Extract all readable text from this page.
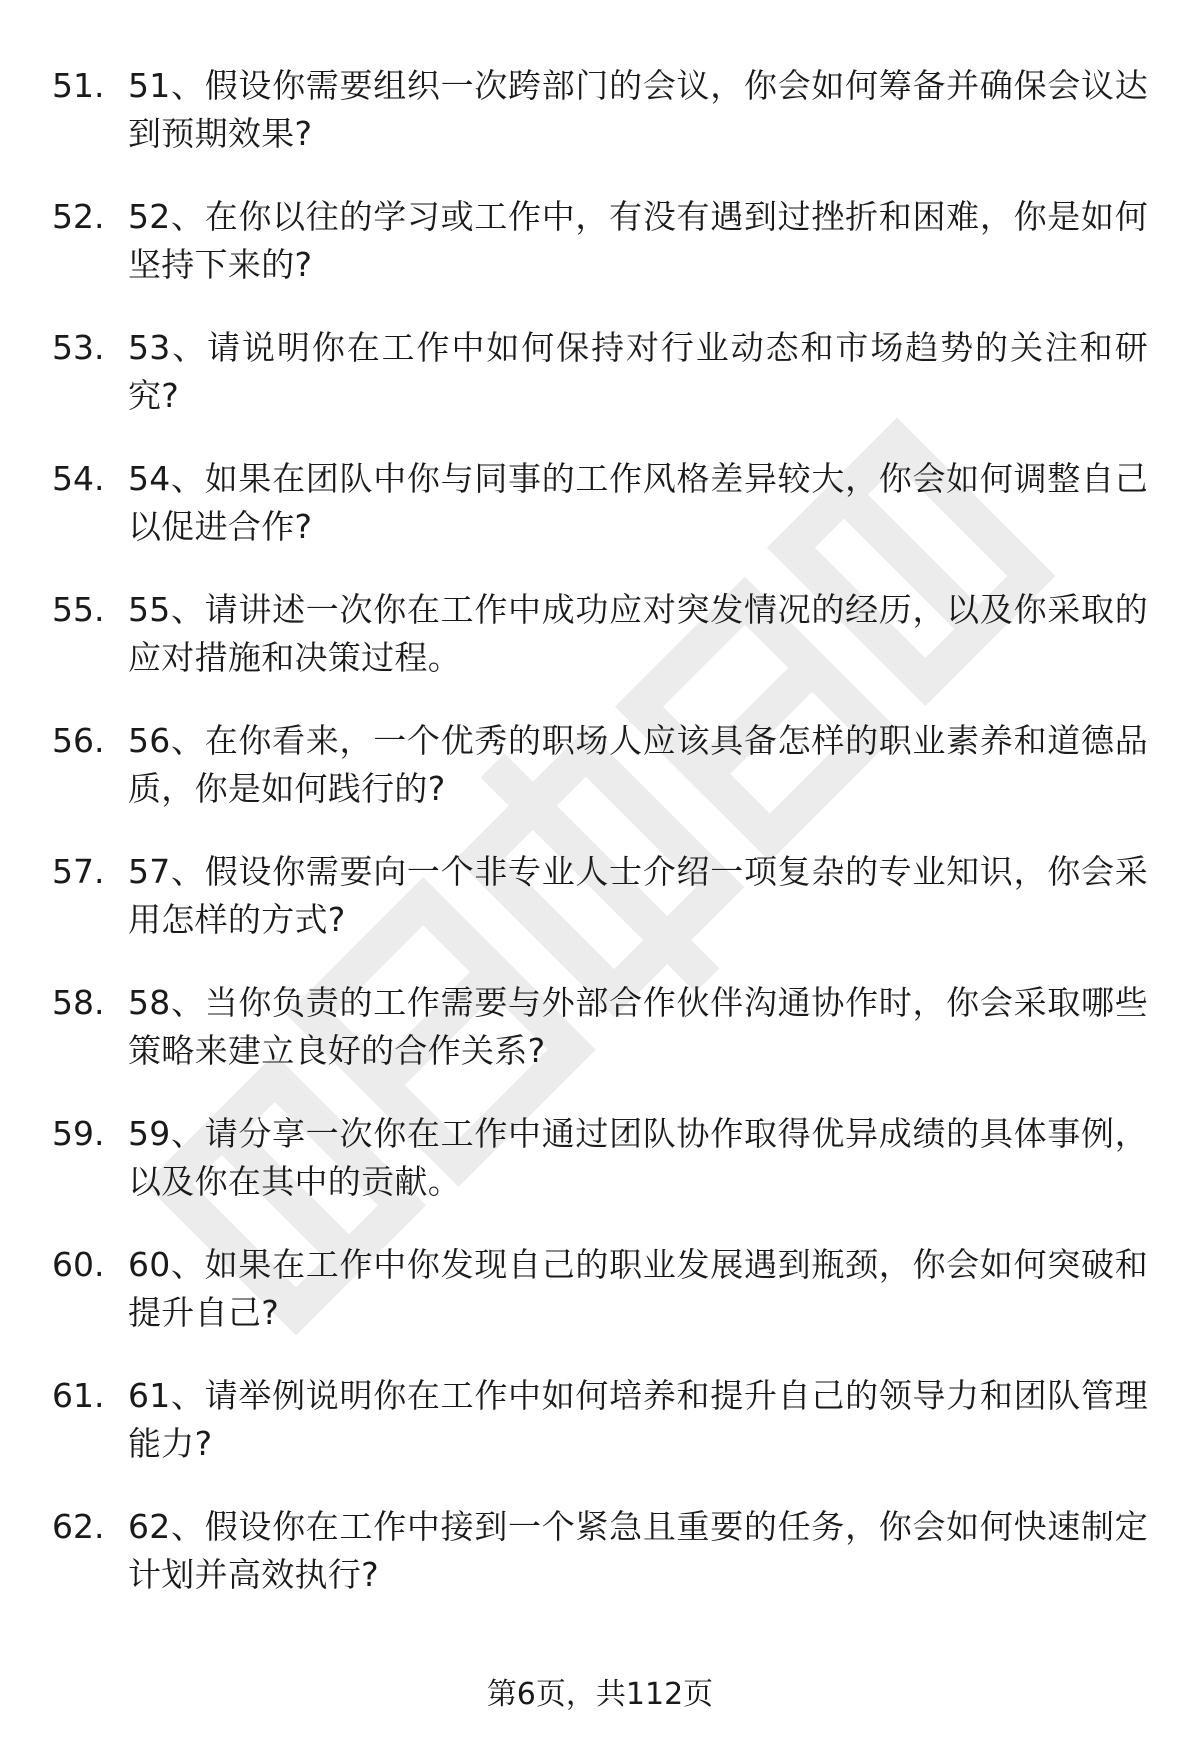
51. 51、假设你需要组织一次跨部门的会议，你会如何筹备并确保会议达到预期效果?
52. 52、在你以往的学习或工作中，有没有遇到过挫折和困难，你是如何坚持下来的?
53. 53、请说明你在工作中如何保持对行业动态和市场趋势的关注和研究?
54. 54、如果在团队中你与同事的工作风格差异较大，你会如何调整自己以促进合作?
55. 55、请讲述一次你在工作中成功应对突发情况的经历，以及你采取的应对措施和决策过程。
56. 56、在你看来，一个优秀的职场人应该具备怎样的职业素养和道德品质，你是如何践行的?
57. 57、假设你需要向一个非专业人士介绍一项复杂的专业知识，你会采用怎样的方式?
58. 58、当你负责的工作需要与外部合作伙伴沟通协作时，你会采取哪些策略来建立良好的合作关系?
59. 59、请分享一次你在工作中通过团队协作取得优异成绩的具体事例，以及你在其中的贡献。
60. 60、如果在工作中你发现自己的职业发展遇到瓶颈，你会如何突破和提升自己?
61. 61、请举例说明你在工作中如何培养和提升自己的领导力和团队管理能力?
62. 62、假设你在工作中接到一个紧急且重要的任务，你会如何快速制定计划并高效执行?
第6页，共112页
